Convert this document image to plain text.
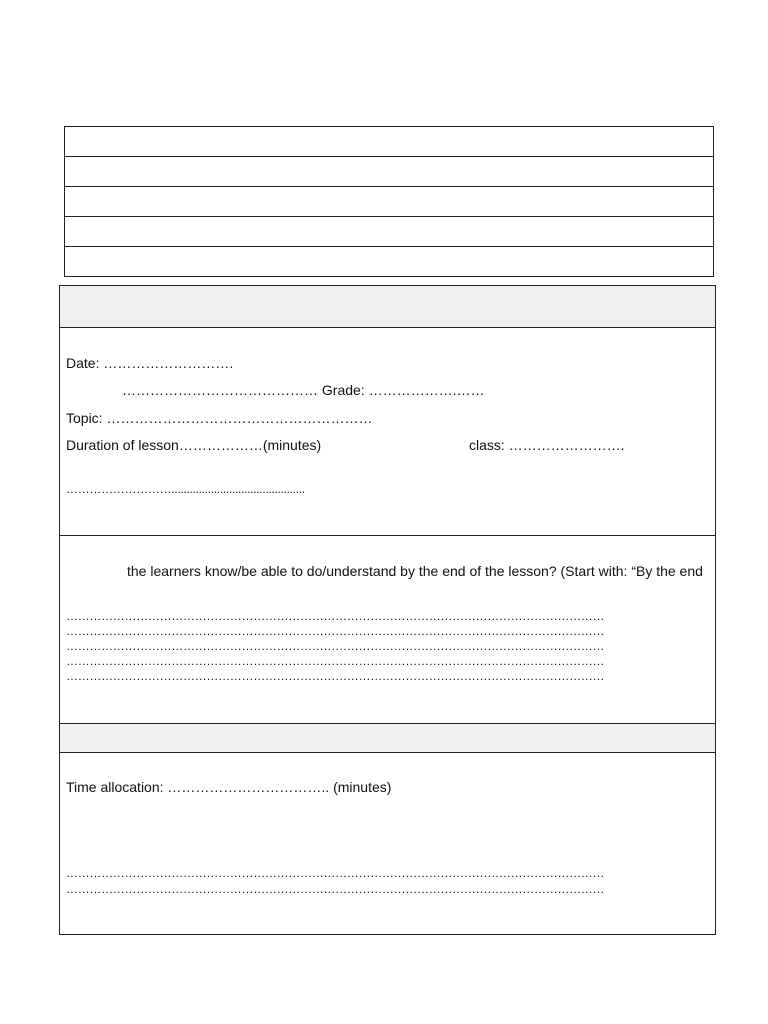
Date: ……………………….
…………………………………… Grade: ……………….……
Topic: …………………………………………………
Duration of lesson………………(minutes)	class: …………………….
………………………............................................
the learners know/be able to do/understand by the end of the lesson? (Start with: “By the end
…………………………………………………………………………………………………………………………
…………………………………………………………………………………………………………………………
…………………………………………………………………………………………………………………………
…………………………………………………………………………………………………………………………
…………………………………………………………………………………………………………………………
Time allocation: …………………………….. (minutes)
…………………………………………………………………………………………………………………………
…………………………………………………………………………………………………………………………
